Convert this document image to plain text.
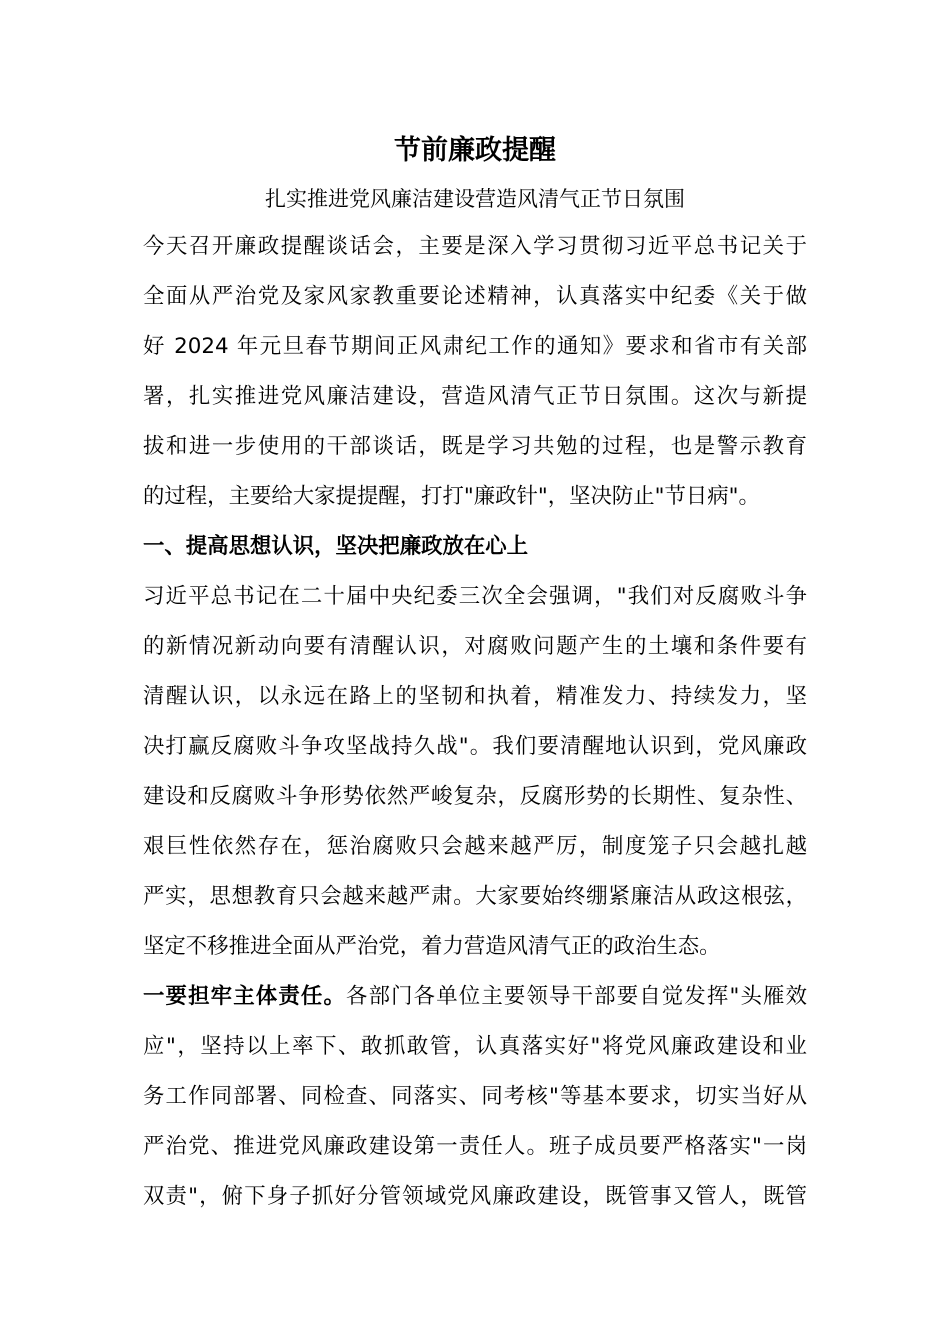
节前廉政提醒

扎实推进党风廉洁建设营造风清气正节日氛围

今天召开廉政提醒谈话会，主要是深入学习贯彻习近平总书记关于
全面从严治党及家风家教重要论述精神，认真落实中纪委《关于做
好 2024 年元旦春节期间正风肃纪工作的通知》要求和省市有关部
署，扎实推进党风廉洁建设，营造风清气正节日氛围。这次与新提
拔和进一步使用的干部谈话，既是学习共勉的过程，也是警示教育
的过程，主要给大家提提醒，打打"廉政针"，坚决防止"节日病"。
一、提高思想认识，坚决把廉政放在心上
习近平总书记在二十届中央纪委三次全会强调，"我们对反腐败斗争
的新情况新动向要有清醒认识，对腐败问题产生的土壤和条件要有
清醒认识，以永远在路上的坚韧和执着，精准发力、持续发力，坚
决打赢反腐败斗争攻坚战持久战"。我们要清醒地认识到，党风廉政
建设和反腐败斗争形势依然严峻复杂，反腐形势的长期性、复杂性、
艰巨性依然存在，惩治腐败只会越来越严厉，制度笼子只会越扎越
严实，思想教育只会越来越严肃。大家要始终绷紧廉洁从政这根弦，
坚定不移推进全面从严治党，着力营造风清气正的政治生态。
一要担牢主体责任。各部门各单位主要领导干部要自觉发挥"头雁效
应"，坚持以上率下、敢抓敢管，认真落实好"将党风廉政建设和业
务工作同部署、同检查、同落实、同考核"等基本要求，切实当好从
严治党、推进党风廉政建设第一责任人。班子成员要严格落实"一岗
双责"，俯下身子抓好分管领域党风廉政建设，既管事又管人，既管
